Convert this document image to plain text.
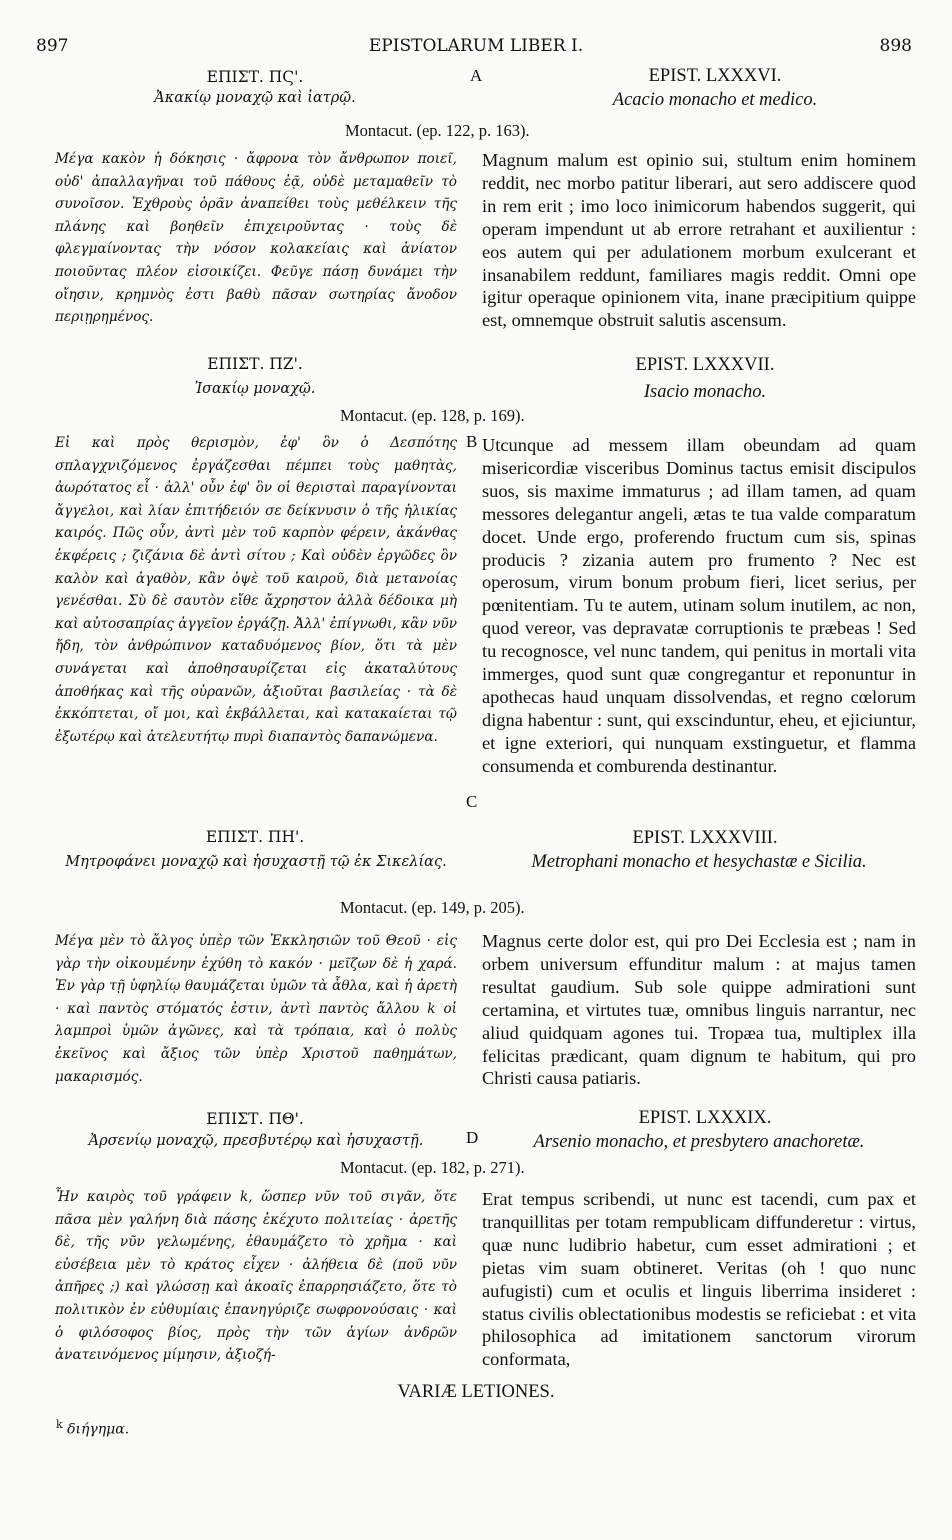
897	EPISTOLARUM LIBER I.	898
A
B
C
D
ΕΠΙΣΤ. ΠϚ'.
Ἀκακίῳ μοναχῷ καὶ ἰατρῷ.
EPIST. LXXXVI.
Acacio monacho et medico.
Montacut. (ep. 122, p. 163).

Μέγα κακὸν ἡ δόκησις · ἄφρονα τὸν ἄνθρωπον ποιεῖ, οὐδ' ἀπαλλαγῆναι τοῦ πάθους ἐᾷ, οὐδὲ μεταμαθεῖν τὸ συνοῖσον. Ἐχθροὺς ὁρᾶν ἀναπείθει τοὺς μεθέλκειν τῆς πλάνης καὶ βοηθεῖν ἐπιχειροῦντας · τοὺς δὲ φλεγμαίνοντας τὴν νόσον κολακείαις καὶ ἀνίατον ποιοῦντας πλέον εἰσοικίζει. Φεῦγε πάσῃ δυνάμει τὴν οἴησιν, κρημνὸς ἐστι βαθὺ πᾶσαν σωτηρίας ἄνοδον περιῃρημένος.

Magnum malum est opinio sui, stultum enim hominem reddit, nec morbo patitur liberari, aut sero addiscere quod in rem erit ; imo loco inimicorum habendos suggerit, qui operam impendunt ut ab errore retrahant et auxilientur : eos autem qui per adulationem morbum exulcerant et insanabilem reddunt, familiares magis reddit. Omni ope igitur operaque opinionem vita, inane præcipitium quippe est, omnemque obstruit salutis ascensum.

ΕΠΙΣΤ. ΠΖ'.
Ἰσακίῳ μοναχῷ.
EPIST. LXXXVII.
Isacio monacho.
Montacut. (ep. 128, p. 169).

Εἰ καὶ πρὸς θερισμὸν, ἐφ' ὃν ὁ Δεσπότης σπλαγχνιζόμενος ἐργάζεσθαι πέμπει τοὺς μαθητὰς, ἀωρότατος εἶ · ἀλλ' οὖν ἐφ' ὃν οἱ θερισταὶ παραγίνονται ἄγγελοι, καὶ λίαν ἐπιτήδειόν σε δείκνυσιν ὁ τῆς ἡλικίας καιρός. Πῶς οὖν, ἀντὶ μὲν τοῦ καρπὸν φέρειν, ἀκάνθας ἐκφέρεις ; ζιζάνια δὲ ἀντὶ σίτου ; Καὶ οὐδὲν ἐργῶδες ὂν καλὸν καὶ ἀγαθὸν, κἂν ὀψὲ τοῦ καιροῦ, διὰ μετανοίας γενέσθαι. Σὺ δὲ σαυτὸν εἴθε ἄχρηστον ἀλλὰ δέδοικα μὴ καὶ αὐτοσαπρίας ἀγγεῖον ἐργάζῃ. Ἀλλ' ἐπίγνωθι, κἂν νῦν ἤδη, τὸν ἀνθρώπινον καταδυόμενος βίον, ὅτι τὰ μὲν συνάγεται καὶ ἀποθησαυρίζεται εἰς ἀκαταλύτους ἀποθήκας καὶ τῆς οὐρανῶν, ἀξιοῦται βασιλείας · τὰ δὲ ἐκκόπτεται, οἴ μοι, καὶ ἐκβάλλεται, καὶ κατακαίεται τῷ ἐξωτέρῳ καὶ ἀτελευτήτῳ πυρὶ διαπαντὸς δαπανώμενα.

Utcunque ad messem illam obeundam ad quam misericordiæ visceribus Dominus tactus emisit discipulos suos, sis maxime immaturus ; ad illam tamen, ad quam messores delegantur angeli, ætas te tua valde comparatum docet. Unde ergo, proferendo fructum cum sis, spinas producis ? zizania autem pro frumento ? Nec est operosum, virum bonum probum fieri, licet serius, per pœnitentiam. Tu te autem, utinam solum inutilem, ac non, quod vereor, vas depravatæ corruptionis te præbeas ! Sed tu recognosce, vel nunc tandem, qui penitus in mortali vita immerges, quod sunt quæ congregantur et reponuntur in apothecas haud unquam dissolvendas, et regno cœlorum digna habentur : sunt, qui exscinduntur, eheu, et ejiciuntur, et igne exteriori, qui nunquam exstinguetur, et flamma consumenda et comburenda destinantur.

ΕΠΙΣΤ. ΠΗ'.
Μητροφάνει μοναχῷ καὶ ἡσυχαστῇ τῷ ἐκ Σικελίας.
EPIST. LXXXVIII.
Metrophani monacho et hesychastæ e Sicilia.
Montacut. (ep. 149, p. 205).

Μέγα μὲν τὸ ἄλγος ὑπὲρ τῶν Ἐκκλησιῶν τοῦ Θεοῦ · εἰς γὰρ τὴν οἰκουμένην ἐχύθη τὸ κακόν · μεῖζων δὲ ἡ χαρά. Ἐν γὰρ τῇ ὑφηλίῳ θαυμάζεται ὑμῶν τὰ ἆθλα, καὶ ἡ ἀρετὴ · καὶ παντὸς στόματός ἐστιν, ἀντὶ παντὸς ἄλλου k οἱ λαμπροὶ ὑμῶν ἀγῶνες, καὶ τὰ τρόπαια, καὶ ὁ πολὺς ἐκεῖνος καὶ ἄξιος τῶν ὑπὲρ Χριστοῦ παθημάτων, μακαρισμός.

Magnus certe dolor est, qui pro Dei Ecclesia est ; nam in orbem universum effunditur malum : at majus tamen resultat gaudium. Sub sole quippe admirationi sunt certamina, et virtutes tuæ, omnibus linguis narrantur, nec aliud quidquam agones tui. Tropæa tua, multiplex illa felicitas prædicant, quam dignum te habitum, qui pro Christi causa patiaris.

ΕΠΙΣΤ. ΠΘ'.
Ἀρσενίῳ μοναχῷ, πρεσβυτέρῳ καὶ ἡσυχαστῇ.
EPIST. LXXXIX.
Arsenio monacho, et presbytero anachoretæ.
Montacut. (ep. 182, p. 271).

Ἦν καιρὸς τοῦ γράφειν k, ὥσπερ νῦν τοῦ σιγᾶν, ὅτε πᾶσα μὲν γαλήνη διὰ πάσης ἐκέχυτο πολιτείας · ἀρετῆς δὲ, τῆς νῦν γελωμένης, ἐθαυμάζετο τὸ χρῆμα · καὶ εὐσέβεια μὲν τὸ κράτος εἶχεν · ἀλήθεια δὲ (ποῦ νῦν ἀπῆρες ;) καὶ γλώσσῃ καὶ ἀκοαῖς ἐπαρρησιάζετο, ὅτε τὸ πολιτικὸν ἐν εὐθυμίαις ἐπανηγύριζε σωφρονούσαις · καὶ ὁ φιλόσοφος βίος, πρὸς τὴν τῶν ἁγίων ἀνδρῶν ἀνατεινόμενος μίμησιν, ἀξιοζή-

Erat tempus scribendi, ut nunc est tacendi, cum pax et tranquillitas per totam rempublicam diffunderetur : virtus, quæ nunc ludibrio habetur, cum esset admirationi ; et pietas vim suam obtineret. Veritas (oh ! quo nunc aufugisti) cum et oculis et linguis liberrima insideret : status civilis oblectationibus modestis se reficiebat : et vita philosophica ad imitationem sanctorum virorum conformata,

VARIÆ LETIONES.
$^k$ διήγημα.
